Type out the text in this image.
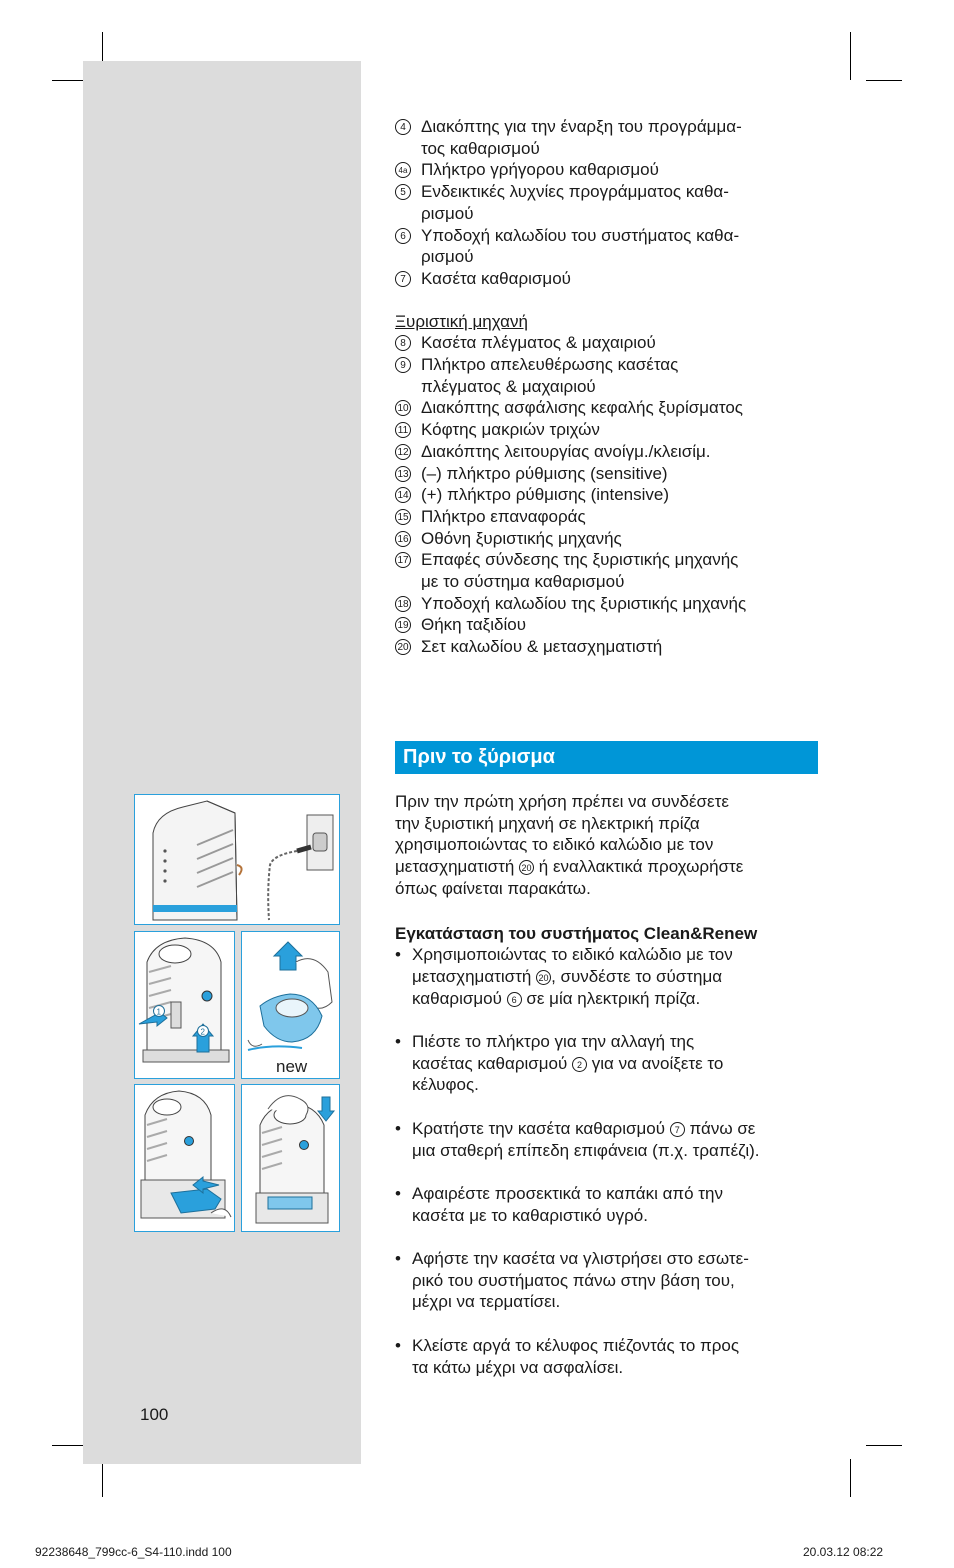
4 Διακόπτης για την έναρξη του προγράμμα-
τος καθαρισμού
4a Πλήκτρο γρήγορου καθαρισμού
5 Ενδεικτικές λυχνίες προγράμματος καθα-
ρισμού
6 Υποδοχή καλωδίου του συστήματος καθα-
ρισμού
7 Κασέτα καθαρισμού
Ξυριστική μηχανή
8 Κασέτα πλέγματος & μαχαιριού
9 Πλήκτρο απελευθέρωσης κασέτας
πλέγματος & μαχαιριού
10 Διακόπτης ασφάλισης κεφαλής ξυρίσματος
11 Κόφτης μακριών τριχών
12 Διακόπτης λειτουργίας ανοίγμ./κλεισίμ.
13 (–) πλήκτρο ρύθμισης (sensitive)
14 (+) πλήκτρο ρύθμισης (intensive)
15 Πλήκτρο επαναφοράς
16 Οθόνη ξυριστικής μηχανής
17 Επαφές σύνδεσης της ξυριστικής μηχανής
με το σύστημα καθαρισμού
18 Υποδοχή καλωδίου της ξυριστικής μηχανής
19 Θήκη ταξιδίου
20 Σετ καλωδίου & μετασχηματιστή
Πριν το ξύρισμα
Πριν την πρώτη χρήση πρέπει να συνδέσετε
την ξυριστική μηχανή σε ηλεκτρική πρίζα
χρησιμοποιώντας το ειδικό καλώδιο με τον
μετασχηματιστή 20 ή εναλλακτικά προχωρήστε
όπως φαίνεται παρακάτω.
Εγκατάσταση του συστήματος Clean&Renew
• Χρησιμοποιώντας το ειδικό καλώδιο με τον
μετασχηματιστή 20 , συνδέστε το σύστημα
καθαρισμού 6 σε μία ηλεκτρική πρίζα.
• Πιέστε το πλήκτρο για την αλλαγή της
κασέτας καθαρισμού 2 για να ανοίξετε το
κέλυφος.
• Κρατήστε την κασέτα καθαρισμού 7 πάνω σε
μια σταθερή επίπεδη επιφάνεια (π.χ. τραπέζι).
• Αφαιρέστε προσεκτικά το καπάκι από την
κασέτα με το καθαριστικό υγρό.
• Αφήστε την κασέτα να γλιστρήσει στο εσωτε-
ρικό του συστήματος πάνω στην βάση του,
μέχρι να τερματίσει.
• Κλείστε αργά το κέλυφος πιέζοντάς το προς
τα κάτω μέχρι να ασφαλίσει.
1
2
new
100
92238648_799cc-6_S4-110.indd 100	20.03.12 08:22
